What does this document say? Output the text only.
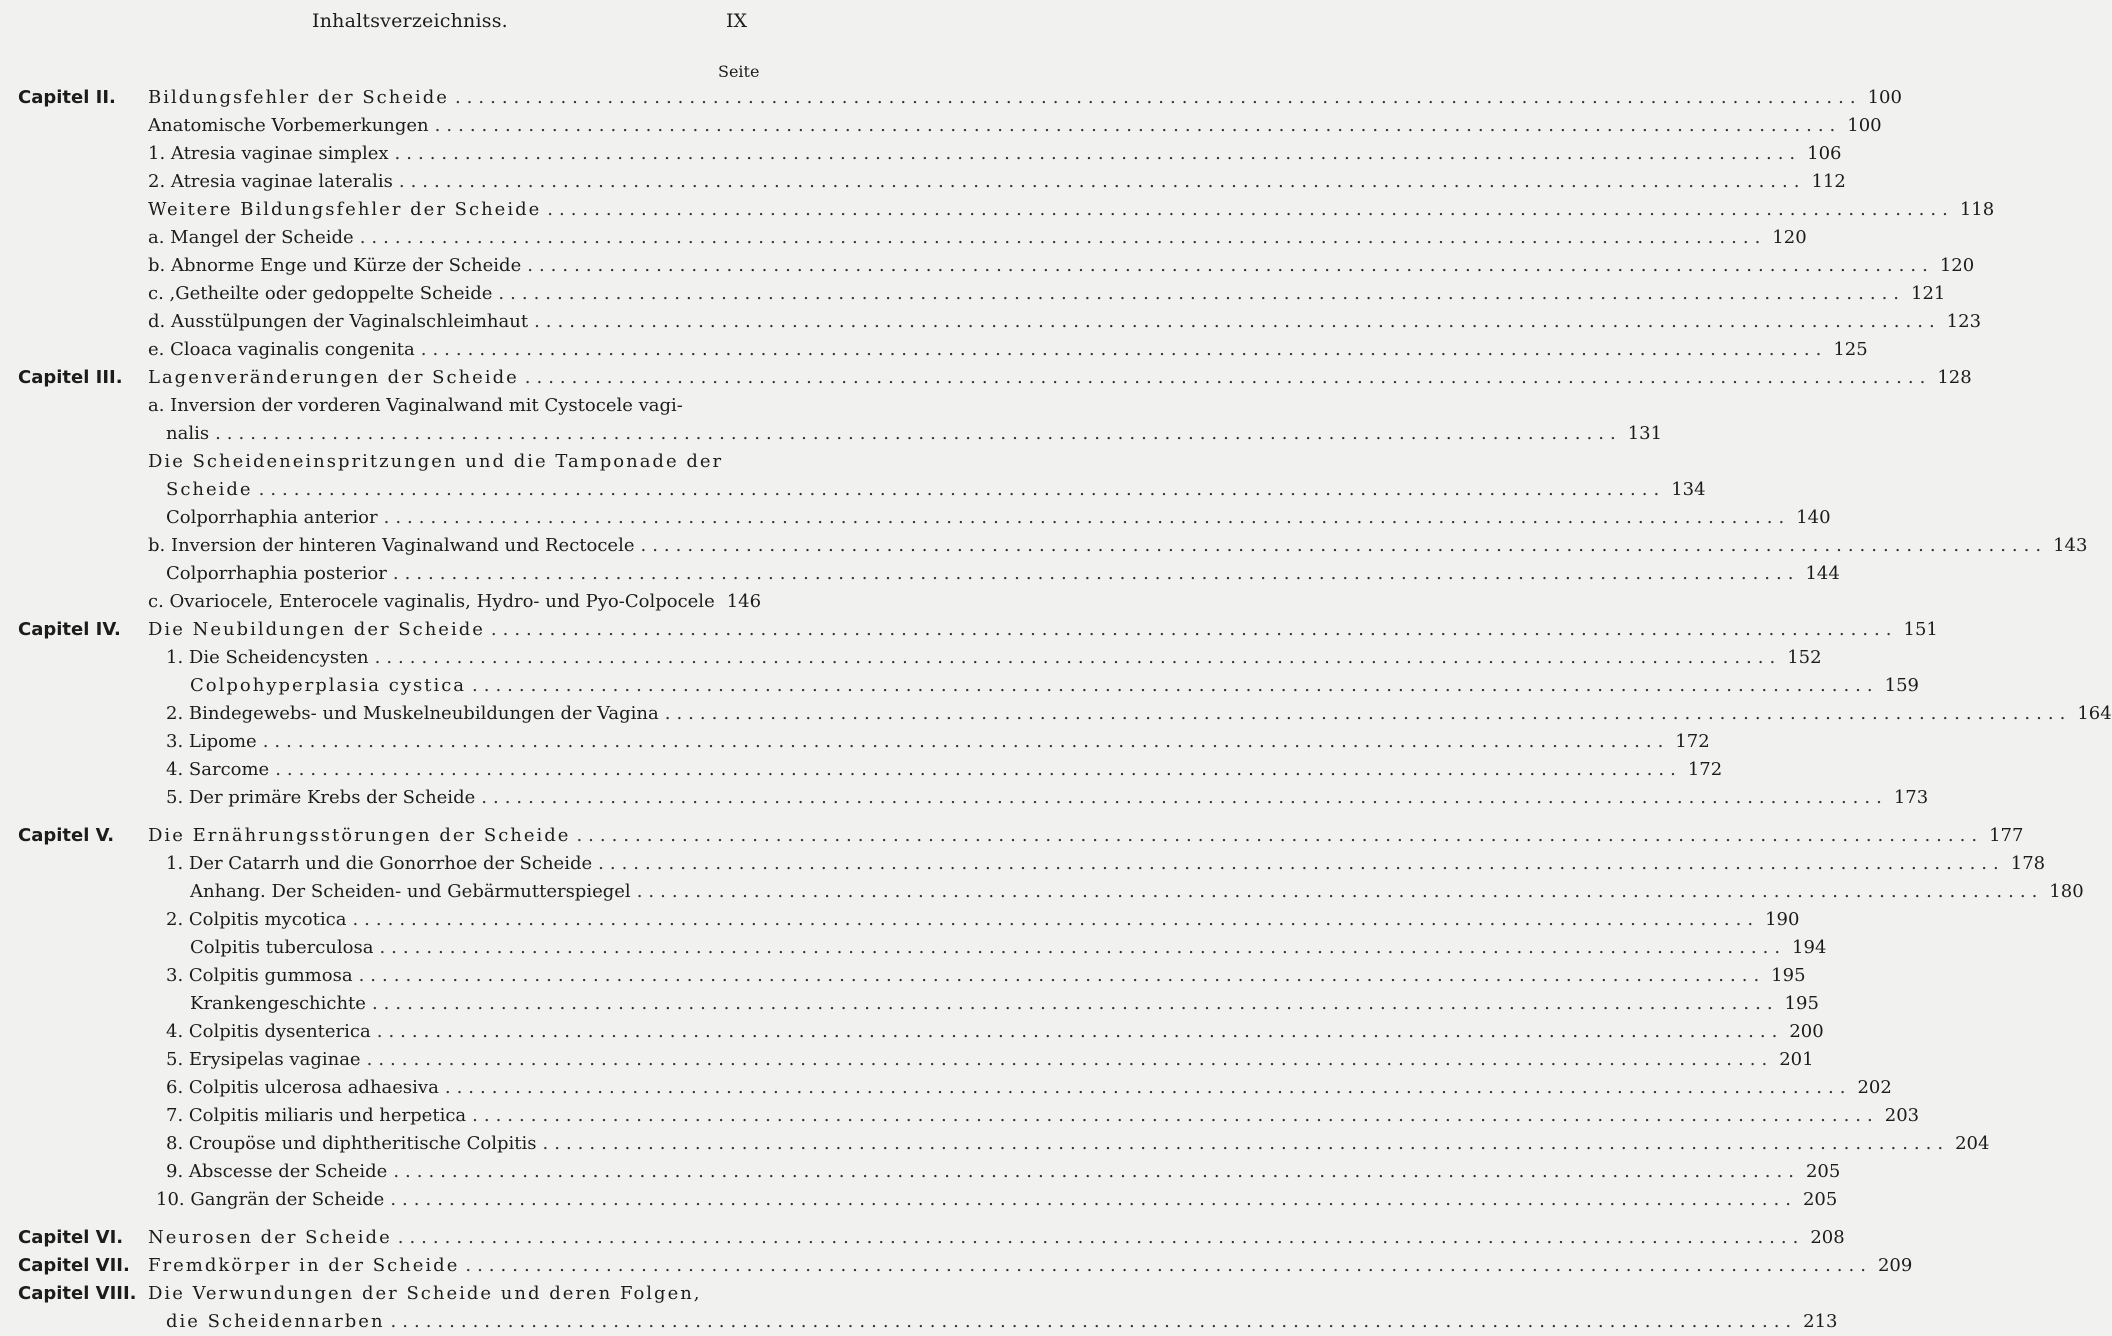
Inhaltsverzeichniss.	IX
Seite
Capitel II. Bildungsfehler der Scheide ........................................................................................................................ 100
Anatomische Vorbemerkungen ........................................................................................................................ 100
1. Atresia vaginae simplex ........................................................................................................................ 106
2. Atresia vaginae lateralis ........................................................................................................................ 112
Weitere Bildungsfehler der Scheide ........................................................................................................................ 118
a. Mangel der Scheide ........................................................................................................................ 120
b. Abnorme Enge und Kürze der Scheide ........................................................................................................................ 120
c. ,Getheilte oder gedoppelte Scheide ........................................................................................................................ 121
d. Ausstülpungen der Vaginalschleimhaut ........................................................................................................................ 123
e. Cloaca vaginalis congenita ........................................................................................................................ 125
Capitel III. Lagenveränderungen der Scheide ........................................................................................................................ 128
a. Inversion der vorderen Vaginalwand mit Cystocele vagi-
nalis ........................................................................................................................ 131
Die Scheideneinspritzungen und die Tamponade der
Scheide ........................................................................................................................ 134
Colporrhaphia anterior ........................................................................................................................ 140
b. Inversion der hinteren Vaginalwand und Rectocele ........................................................................................................................ 143
Colporrhaphia posterior ........................................................................................................................ 144
c. Ovariocele, Enterocele vaginalis, Hydro- und Pyo-Colpocele 146
Capitel IV. Die Neubildungen der Scheide ........................................................................................................................ 151
1. Die Scheidencysten ........................................................................................................................ 152
Colpohyperplasia cystica ........................................................................................................................ 159
2. Bindegewebs- und Muskelneubildungen der Vagina ........................................................................................................................ 164
3. Lipome ........................................................................................................................ 172
4. Sarcome ........................................................................................................................ 172
5. Der primäre Krebs der Scheide ........................................................................................................................ 173
Capitel V. Die Ernährungsstörungen der Scheide ........................................................................................................................ 177
1. Der Catarrh und die Gonorrhoe der Scheide ........................................................................................................................ 178
Anhang. Der Scheiden- und Gebärmutterspiegel ........................................................................................................................ 180
2. Colpitis mycotica ........................................................................................................................ 190
Colpitis tuberculosa ........................................................................................................................ 194
3. Colpitis gummosa ........................................................................................................................ 195
Krankengeschichte ........................................................................................................................ 195
4. Colpitis dysenterica ........................................................................................................................ 200
5. Erysipelas vaginae ........................................................................................................................ 201
6. Colpitis ulcerosa adhaesiva ........................................................................................................................ 202
7. Colpitis miliaris und herpetica ........................................................................................................................ 203
8. Croupöse und diphtheritische Colpitis ........................................................................................................................ 204
9. Abscesse der Scheide ........................................................................................................................ 205
10. Gangrän der Scheide ........................................................................................................................ 205
Capitel VI. Neurosen der Scheide ........................................................................................................................ 208
Capitel VII. Fremdkörper in der Scheide ........................................................................................................................ 209
Capitel VIII. Die Verwundungen der Scheide und deren Folgen,
die Scheidennarben ........................................................................................................................ 213
